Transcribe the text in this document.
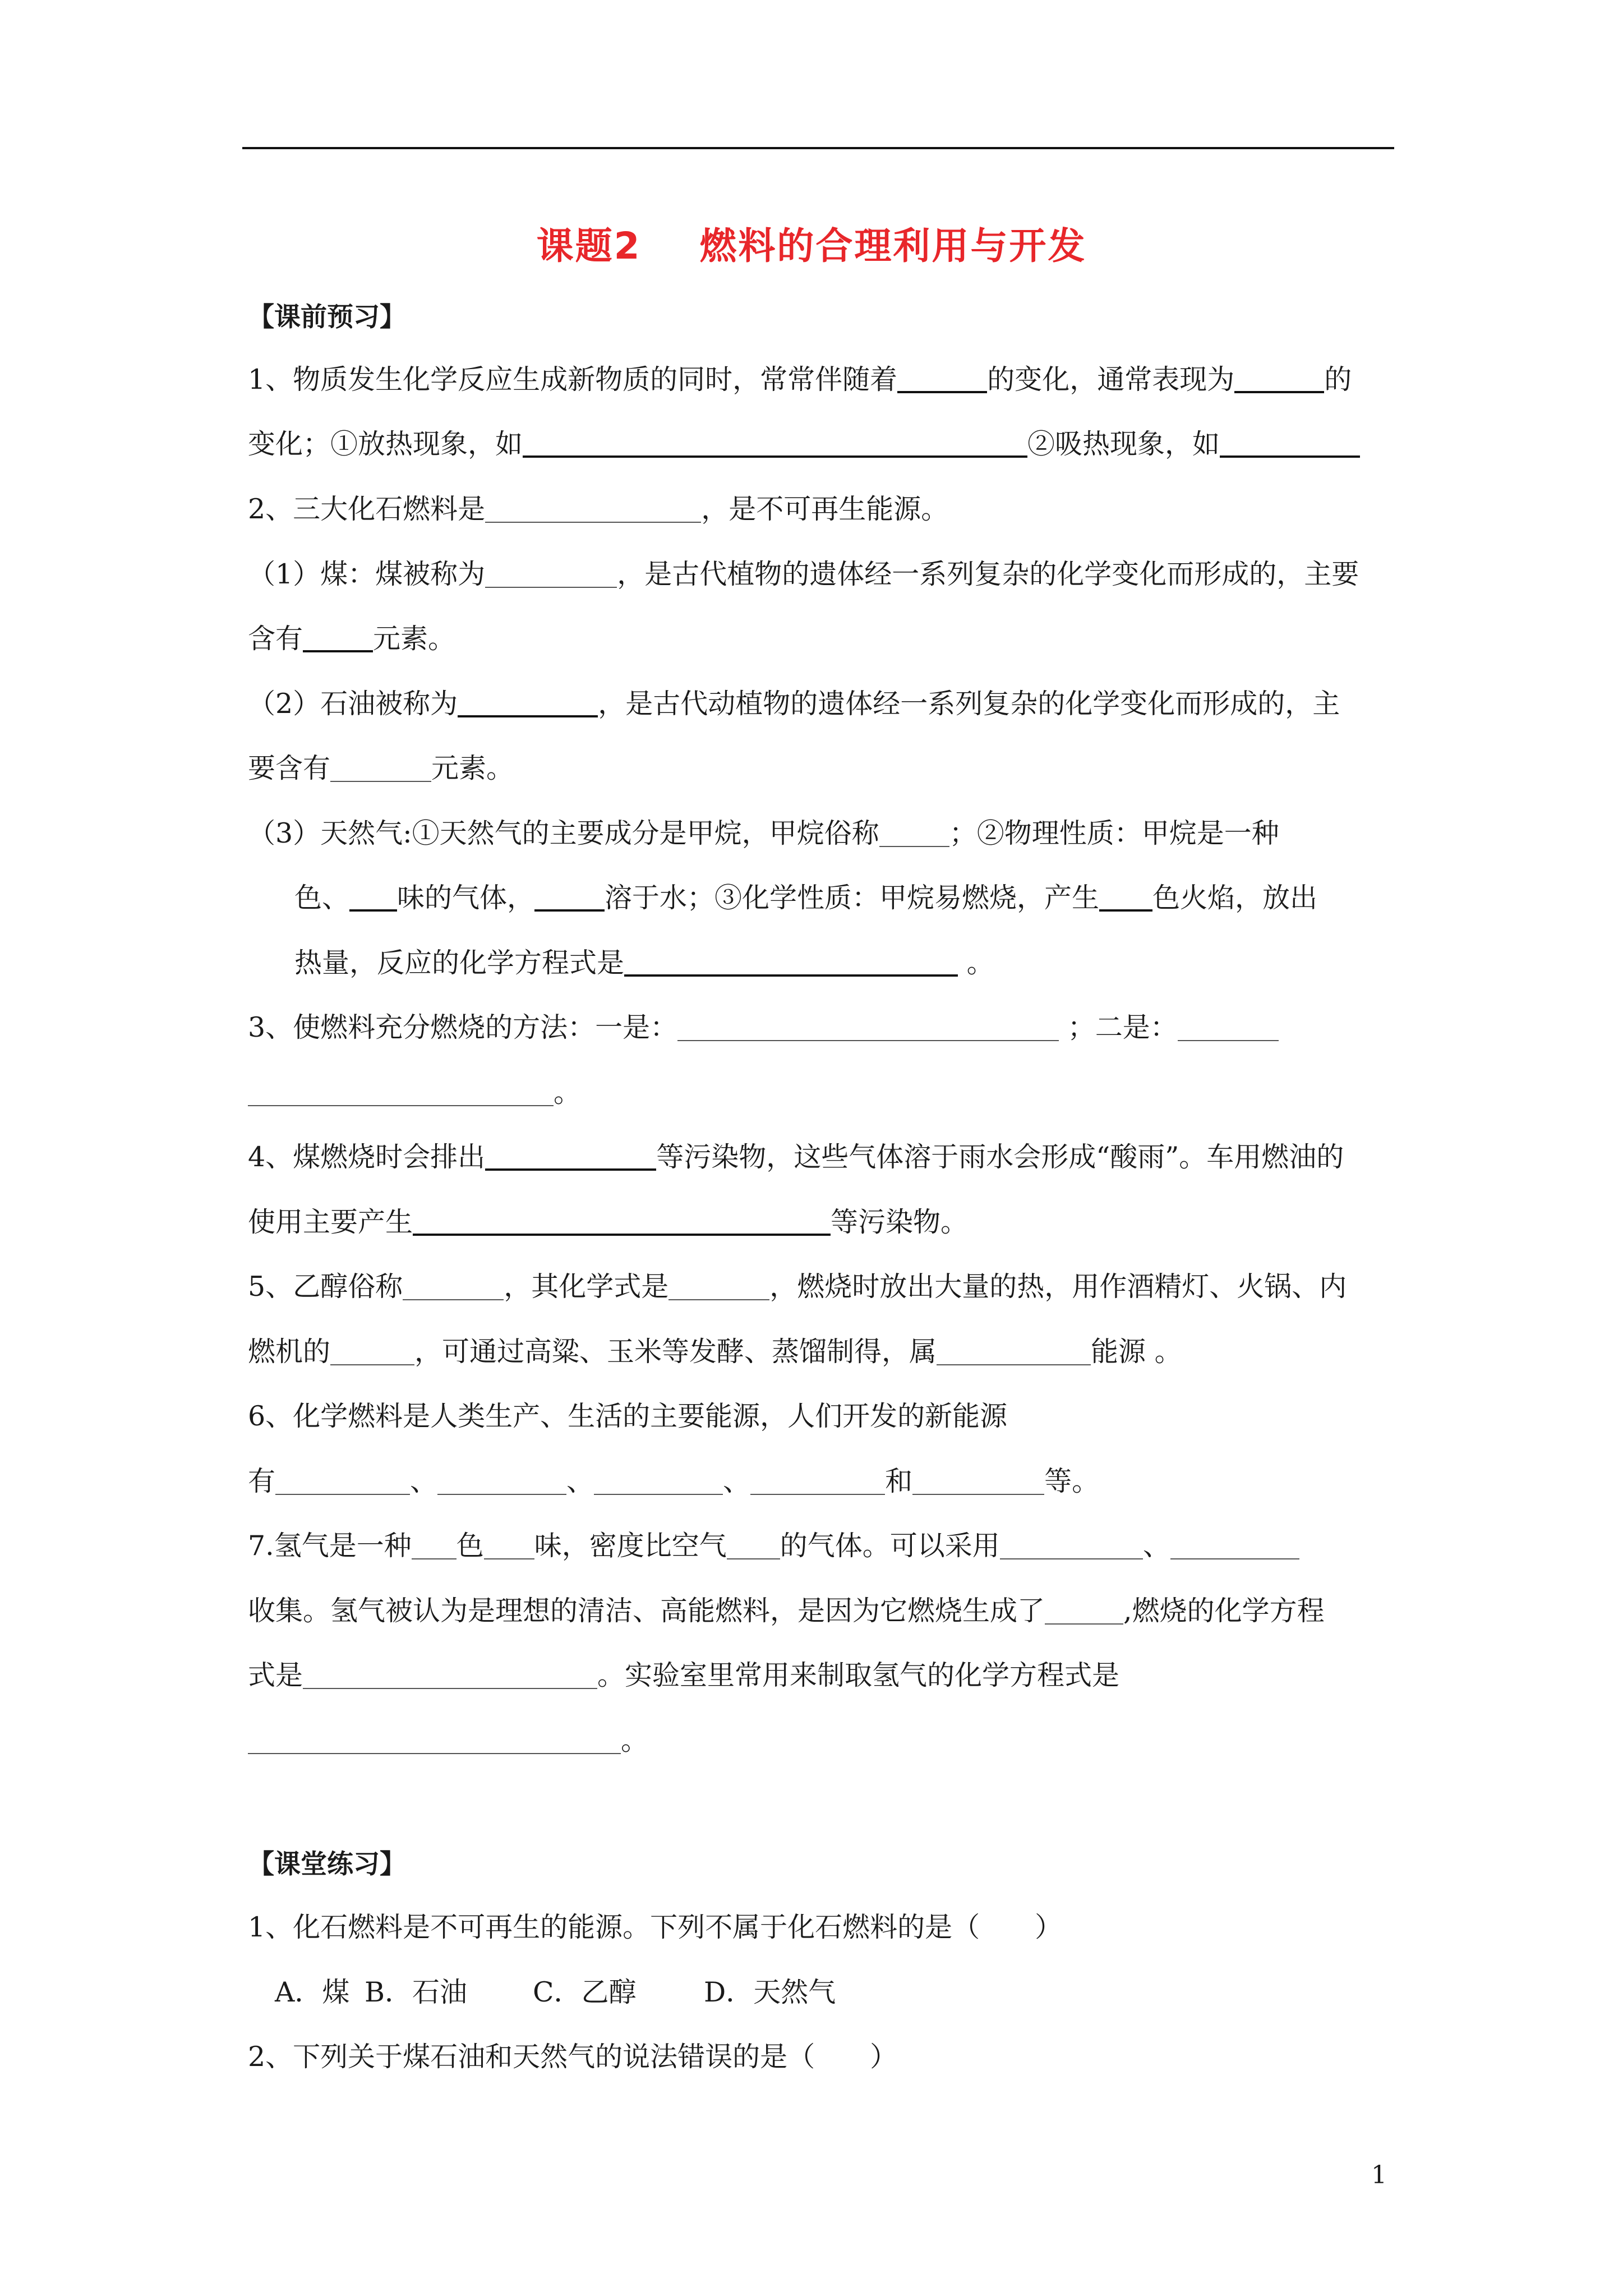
课题2    燃料的合理利用与开发
【课前预习】
1、物质发生化学反应生成新物质的同时，常常伴随着	的变化，通常表现为	的
变化；①放热现象，如	②吸热现象，如
2、三大化石燃料是	，是不可再生能源。
（1）煤：煤被称为	，是古代植物的遗体经一系列复杂的化学变化而形成的，主要
含有	元素。
（2）石油被称为	，是古代动植物的遗体经一系列复杂的化学变化而形成的，主
要含有	元素。
（3）天然气:①天然气的主要成分是甲烷，甲烷俗称	；②物理性质：甲烷是一种
色、 味的气体，	溶于水；③化学性质：甲烷易燃烧，产生 色火焰，放出
热量，反应的化学方程式是	。
3、使燃料充分燃烧的方法：一是：	；二是：
。
4、煤燃烧时会排出	等污染物，这些气体溶于雨水会形成“酸雨”。车用燃油的
使用主要产生	等污染物。
5、乙醇俗称	，其化学式是	，燃烧时放出大量的热，用作酒精灯、火锅、内
燃机的	，可通过高粱、玉米等发酵、蒸馏制得，属	能源 。
6、化学燃料是人类生产、生活的主要能源，人们开发的新能源
有	、	、	、	和	等。
7.氢气是一种 色 味，密度比空气 的气体。可以采用	、
收集。氢气被认为是理想的清洁、高能燃料，是因为它燃烧生成了	,燃烧的化学方程
式是	。实验室里常用来制取氢气的化学方程式是
。
【课堂练习】
1、化石燃料是不可再生的能源。下列不属于化石燃料的是（　　）
A．煤 B．石油 C．乙醇 D．天然气
2、下列关于煤石油和天然气的说法错误的是（　　）
1
